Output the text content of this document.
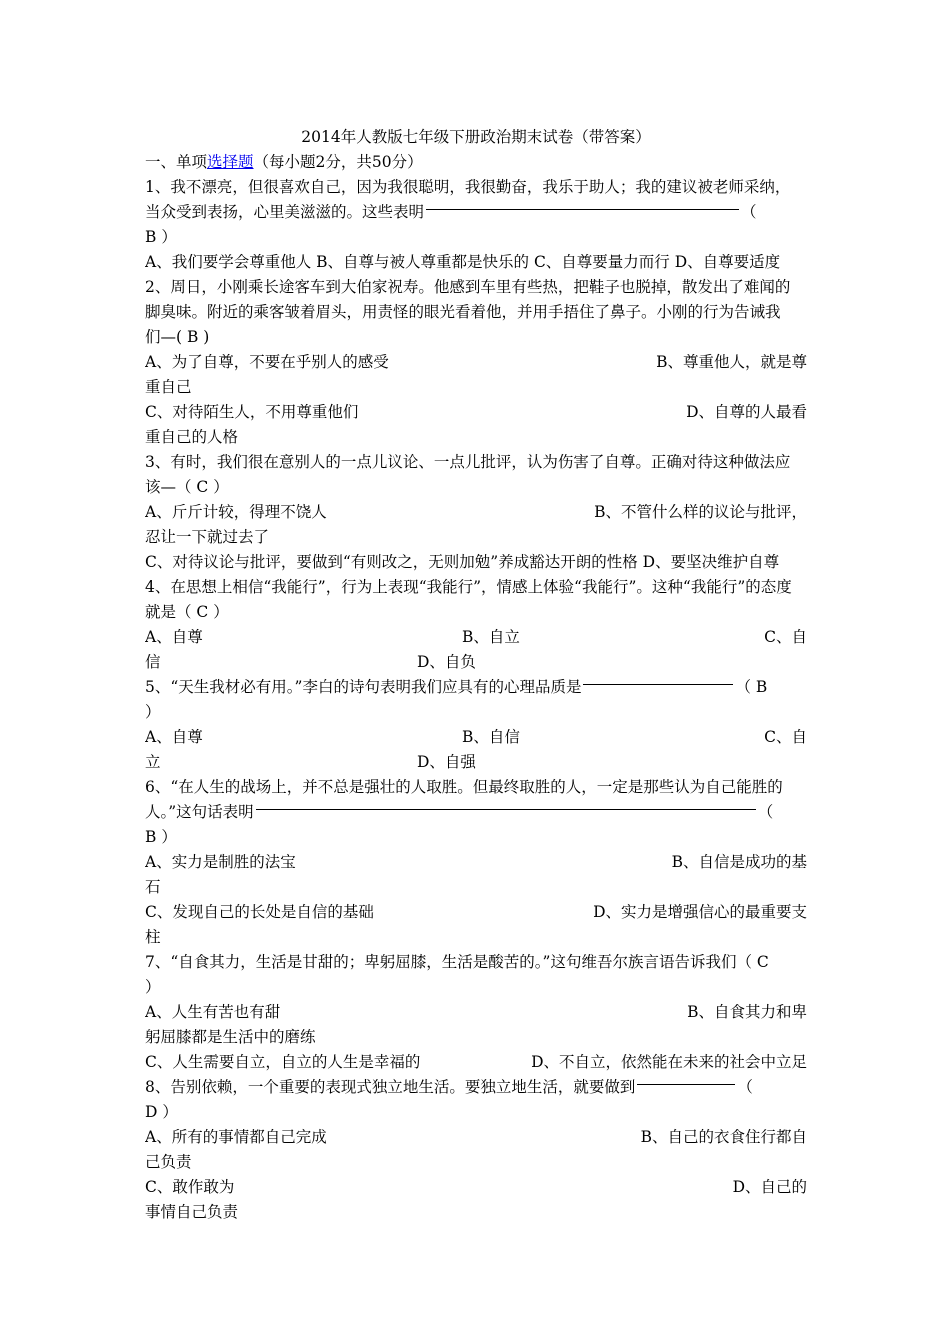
2014年人教版七年级下册政治期末试卷（带答案）
一、单项选择题（每小题2分，共50分）
1、我不漂亮，但很喜欢自己，因为我很聪明，我很勤奋，我乐于助人；我的建议被老师采纳，
当众受到表扬，心里美滋滋的。这些表明	（
B ）
A、我们要学会尊重他人 B、自尊与被人尊重都是快乐的 C、自尊要量力而行 D、自尊要适度
2、周日，小刚乘长途客车到大伯家祝寿。他感到车里有些热，把鞋子也脱掉，散发出了难闻的
脚臭味。附近的乘客皱着眉头，用责怪的眼光看着他，并用手捂住了鼻子。小刚的行为告诫我
们—( B )
A、为了自尊，不要在乎别人的感受	B、尊重他人，就是尊
重自己
C、对待陌生人，不用尊重他们	D、自尊的人最看
重自己的人格
3、有时，我们很在意别人的一点儿议论、一点儿批评，认为伤害了自尊。正确对待这种做法应
该—（ C ）
A、斤斤计较，得理不饶人	B、不管什么样的议论与批评，
忍让一下就过去了
C、对待议论与批评，要做到“有则改之，无则加勉”养成豁达开朗的性格 D、要坚决维护自尊
4、在思想上相信“我能行”，行为上表现“我能行”，情感上体验“我能行”。这种“我能行”的态度
就是（ C ）
A、自尊	B、自立	C、自
信	D、自负
5、“天生我材必有用。”李白的诗句表明我们应具有的心理品质是	（ B
）
A、自尊	B、自信	C、自
立	D、自强
6、“在人生的战场上，并不总是强壮的人取胜。但最终取胜的人，一定是那些认为自己能胜的
人。”这句话表明	（
B ）
A、实力是制胜的法宝	B、自信是成功的基
石
C、发现自己的长处是自信的基础	D、实力是增强信心的最重要支
柱
7、“自食其力，生活是甘甜的；卑躬屈膝，生活是酸苦的。”这句维吾尔族言语告诉我们（ C
）
A、人生有苦也有甜	B、自食其力和卑
躬屈膝都是生活中的磨练
C、人生需要自立，自立的人生是幸福的	D、不自立，依然能在未来的社会中立足
8、告别依赖，一个重要的表现式独立地生活。要独立地生活，就要做到	（
D ）
A、所有的事情都自己完成	B、自己的衣食住行都自
己负责
C、敢作敢为	D、自己的
事情自己负责
